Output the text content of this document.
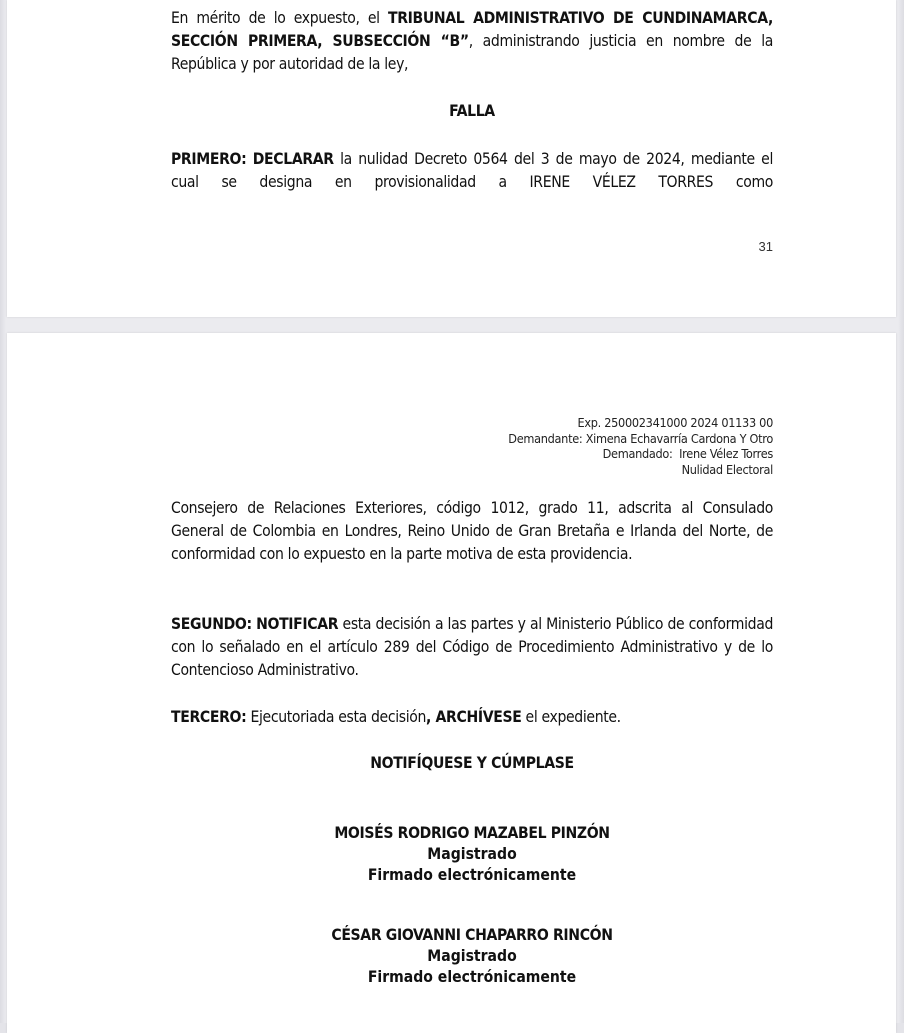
En mérito de lo expuesto, el TRIBUNAL ADMINISTRATIVO DE CUNDINAMARCA, SECCIÓN PRIMERA, SUBSECCIÓN “B”, administrando justicia en nombre de la República y por autoridad de la ley,

FALLA

PRIMERO: DECLARAR la nulidad Decreto 0564 del 3 de mayo de 2024, mediante el cual se designa en provisionalidad a IRENE VÉLEZ TORRES como

31
Exp. 250002341000 2024 01133 00
Demandante: Ximena Echavarría Cardona Y Otro
Demandado:  Irene Vélez Torres
Nulidad Electoral

Consejero de Relaciones Exteriores, código 1012, grado 11, adscrita al Consulado General de Colombia en Londres, Reino Unido de Gran Bretaña e Irlanda del Norte, de conformidad con lo expuesto en la parte motiva de esta providencia.

SEGUNDO: NOTIFICAR esta decisión a las partes y al Ministerio Público de conformidad con lo señalado en el artículo 289 del Código de Procedimiento Administrativo y de lo Contencioso Administrativo.

TERCERO: Ejecutoriada esta decisión, ARCHÍVESE el expediente.

NOTIFÍQUESE Y CÚMPLASE
MOISÉS RODRIGO MAZABEL PINZÓN
Magistrado
Firmado electrónicamente
CÉSAR GIOVANNI CHAPARRO RINCÓN
Magistrado
Firmado electrónicamente
